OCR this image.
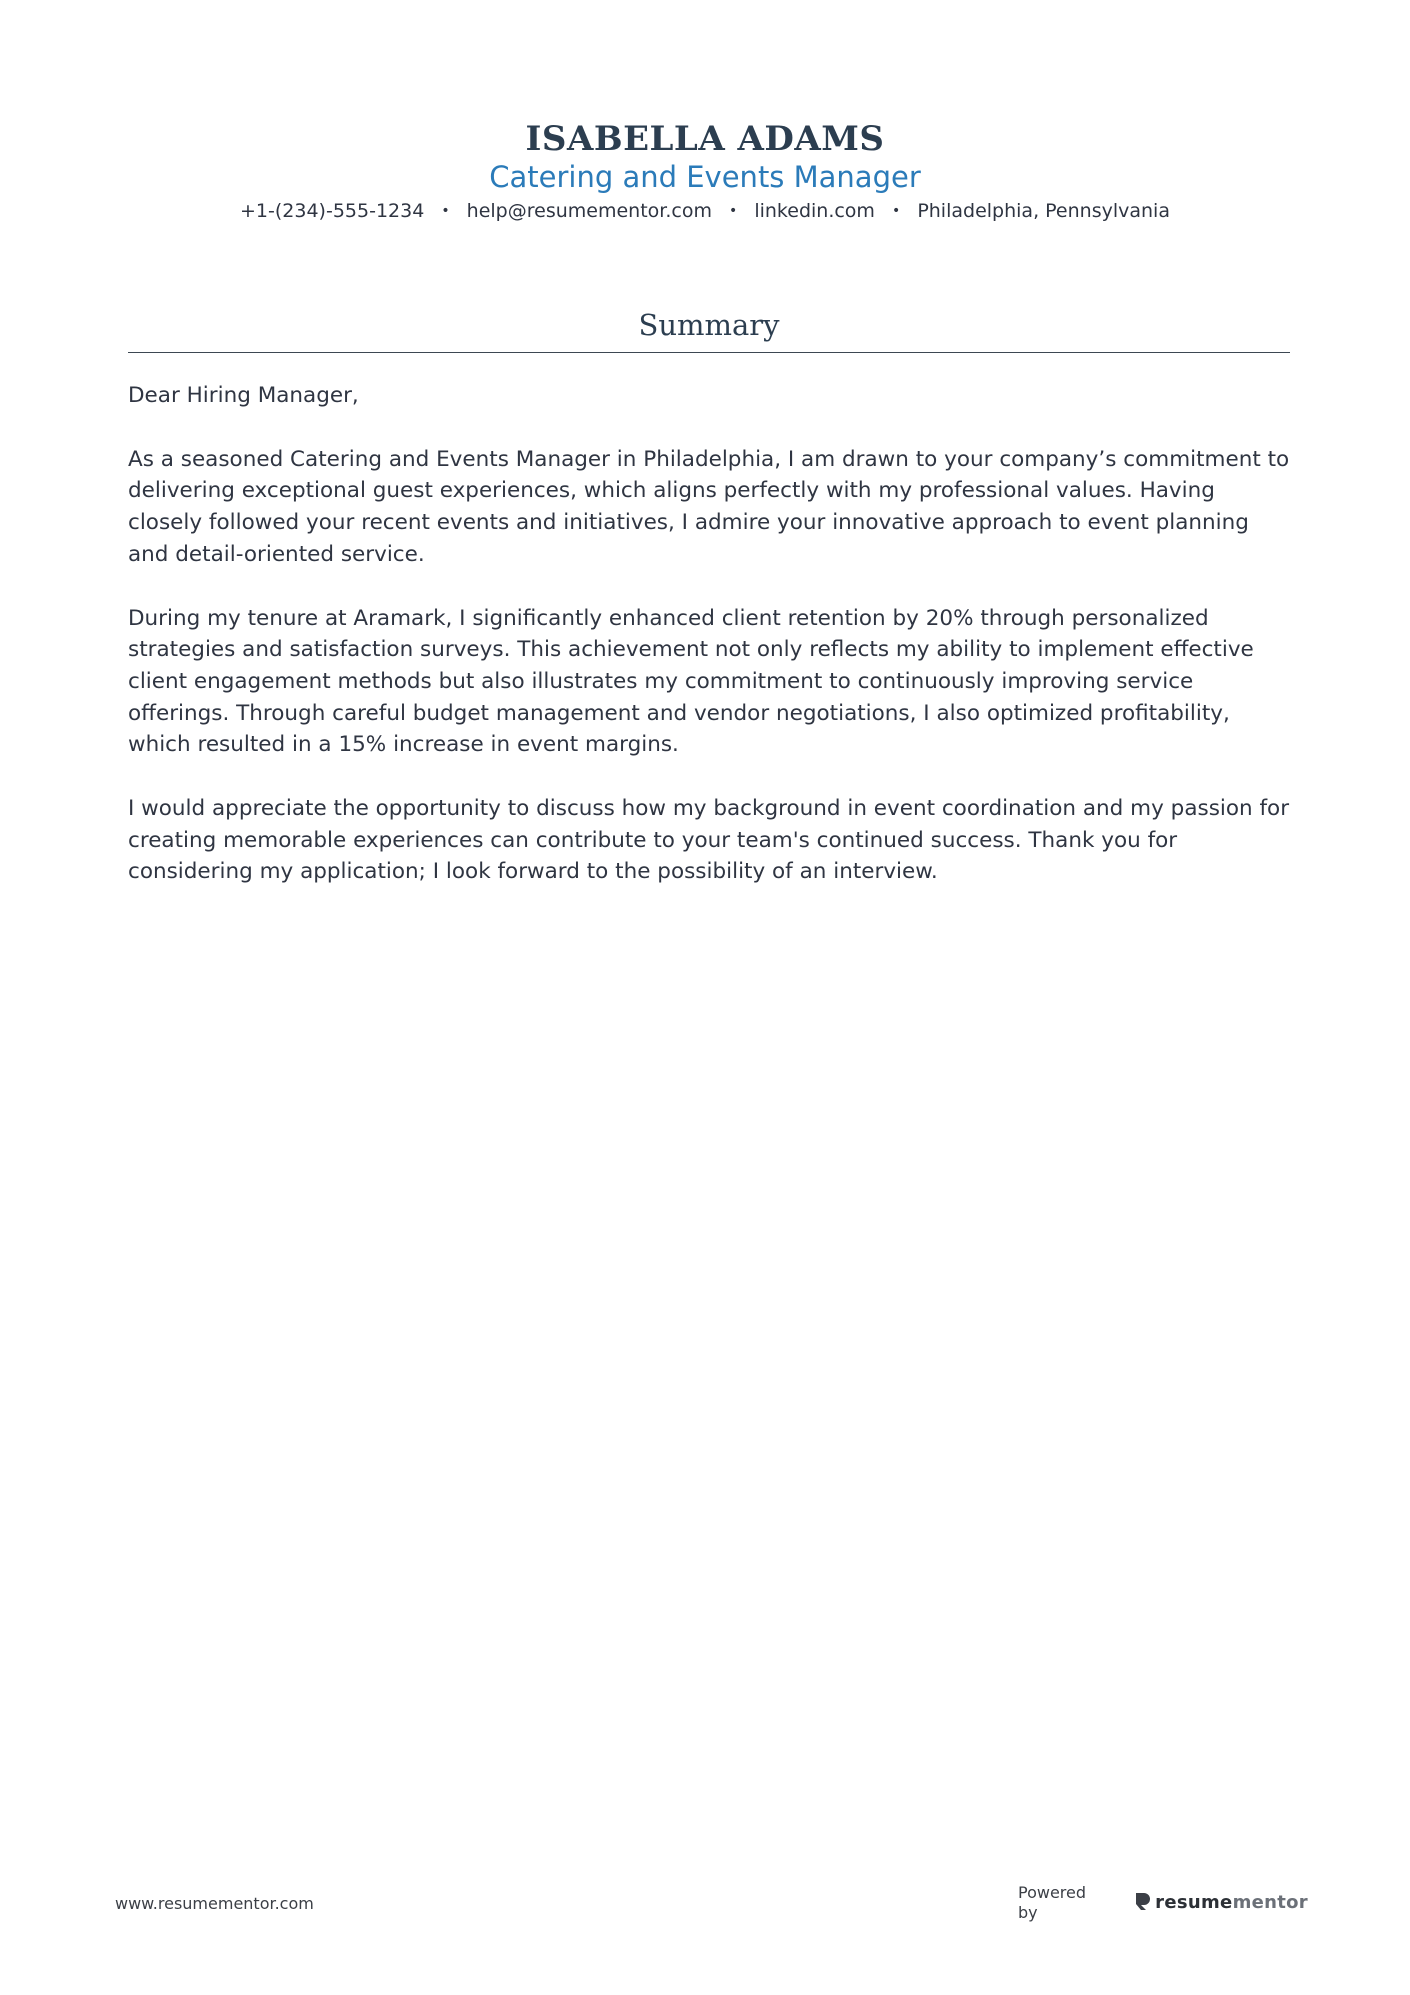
ISABELLA ADAMS
Catering and Events Manager
+1-(234)-555-1234 • help@resumementor.com • linkedin.com • Philadelphia, Pennsylvania
Summary

Dear Hiring Manager,

As a seasoned Catering and Events Manager in Philadelphia, I am drawn to your company’s commitment to delivering exceptional guest experiences, which aligns perfectly with my professional values. Having closely followed your recent events and initiatives, I admire your innovative approach to event planning and detail-oriented service.

During my tenure at Aramark, I significantly enhanced client retention by 20% through personalized strategies and satisfaction surveys. This achievement not only reflects my ability to implement effective client engagement methods but also illustrates my commitment to continuously improving service offerings. Through careful budget management and vendor negotiations, I also optimized profitability, which resulted in a 15% increase in event margins.

I would appreciate the opportunity to discuss how my background in event coordination and my passion for creating memorable experiences can contribute to your team's continued success. Thank you for considering my application; I look forward to the possibility of an interview.

www.resumementor.com
Powered by	resumementor
